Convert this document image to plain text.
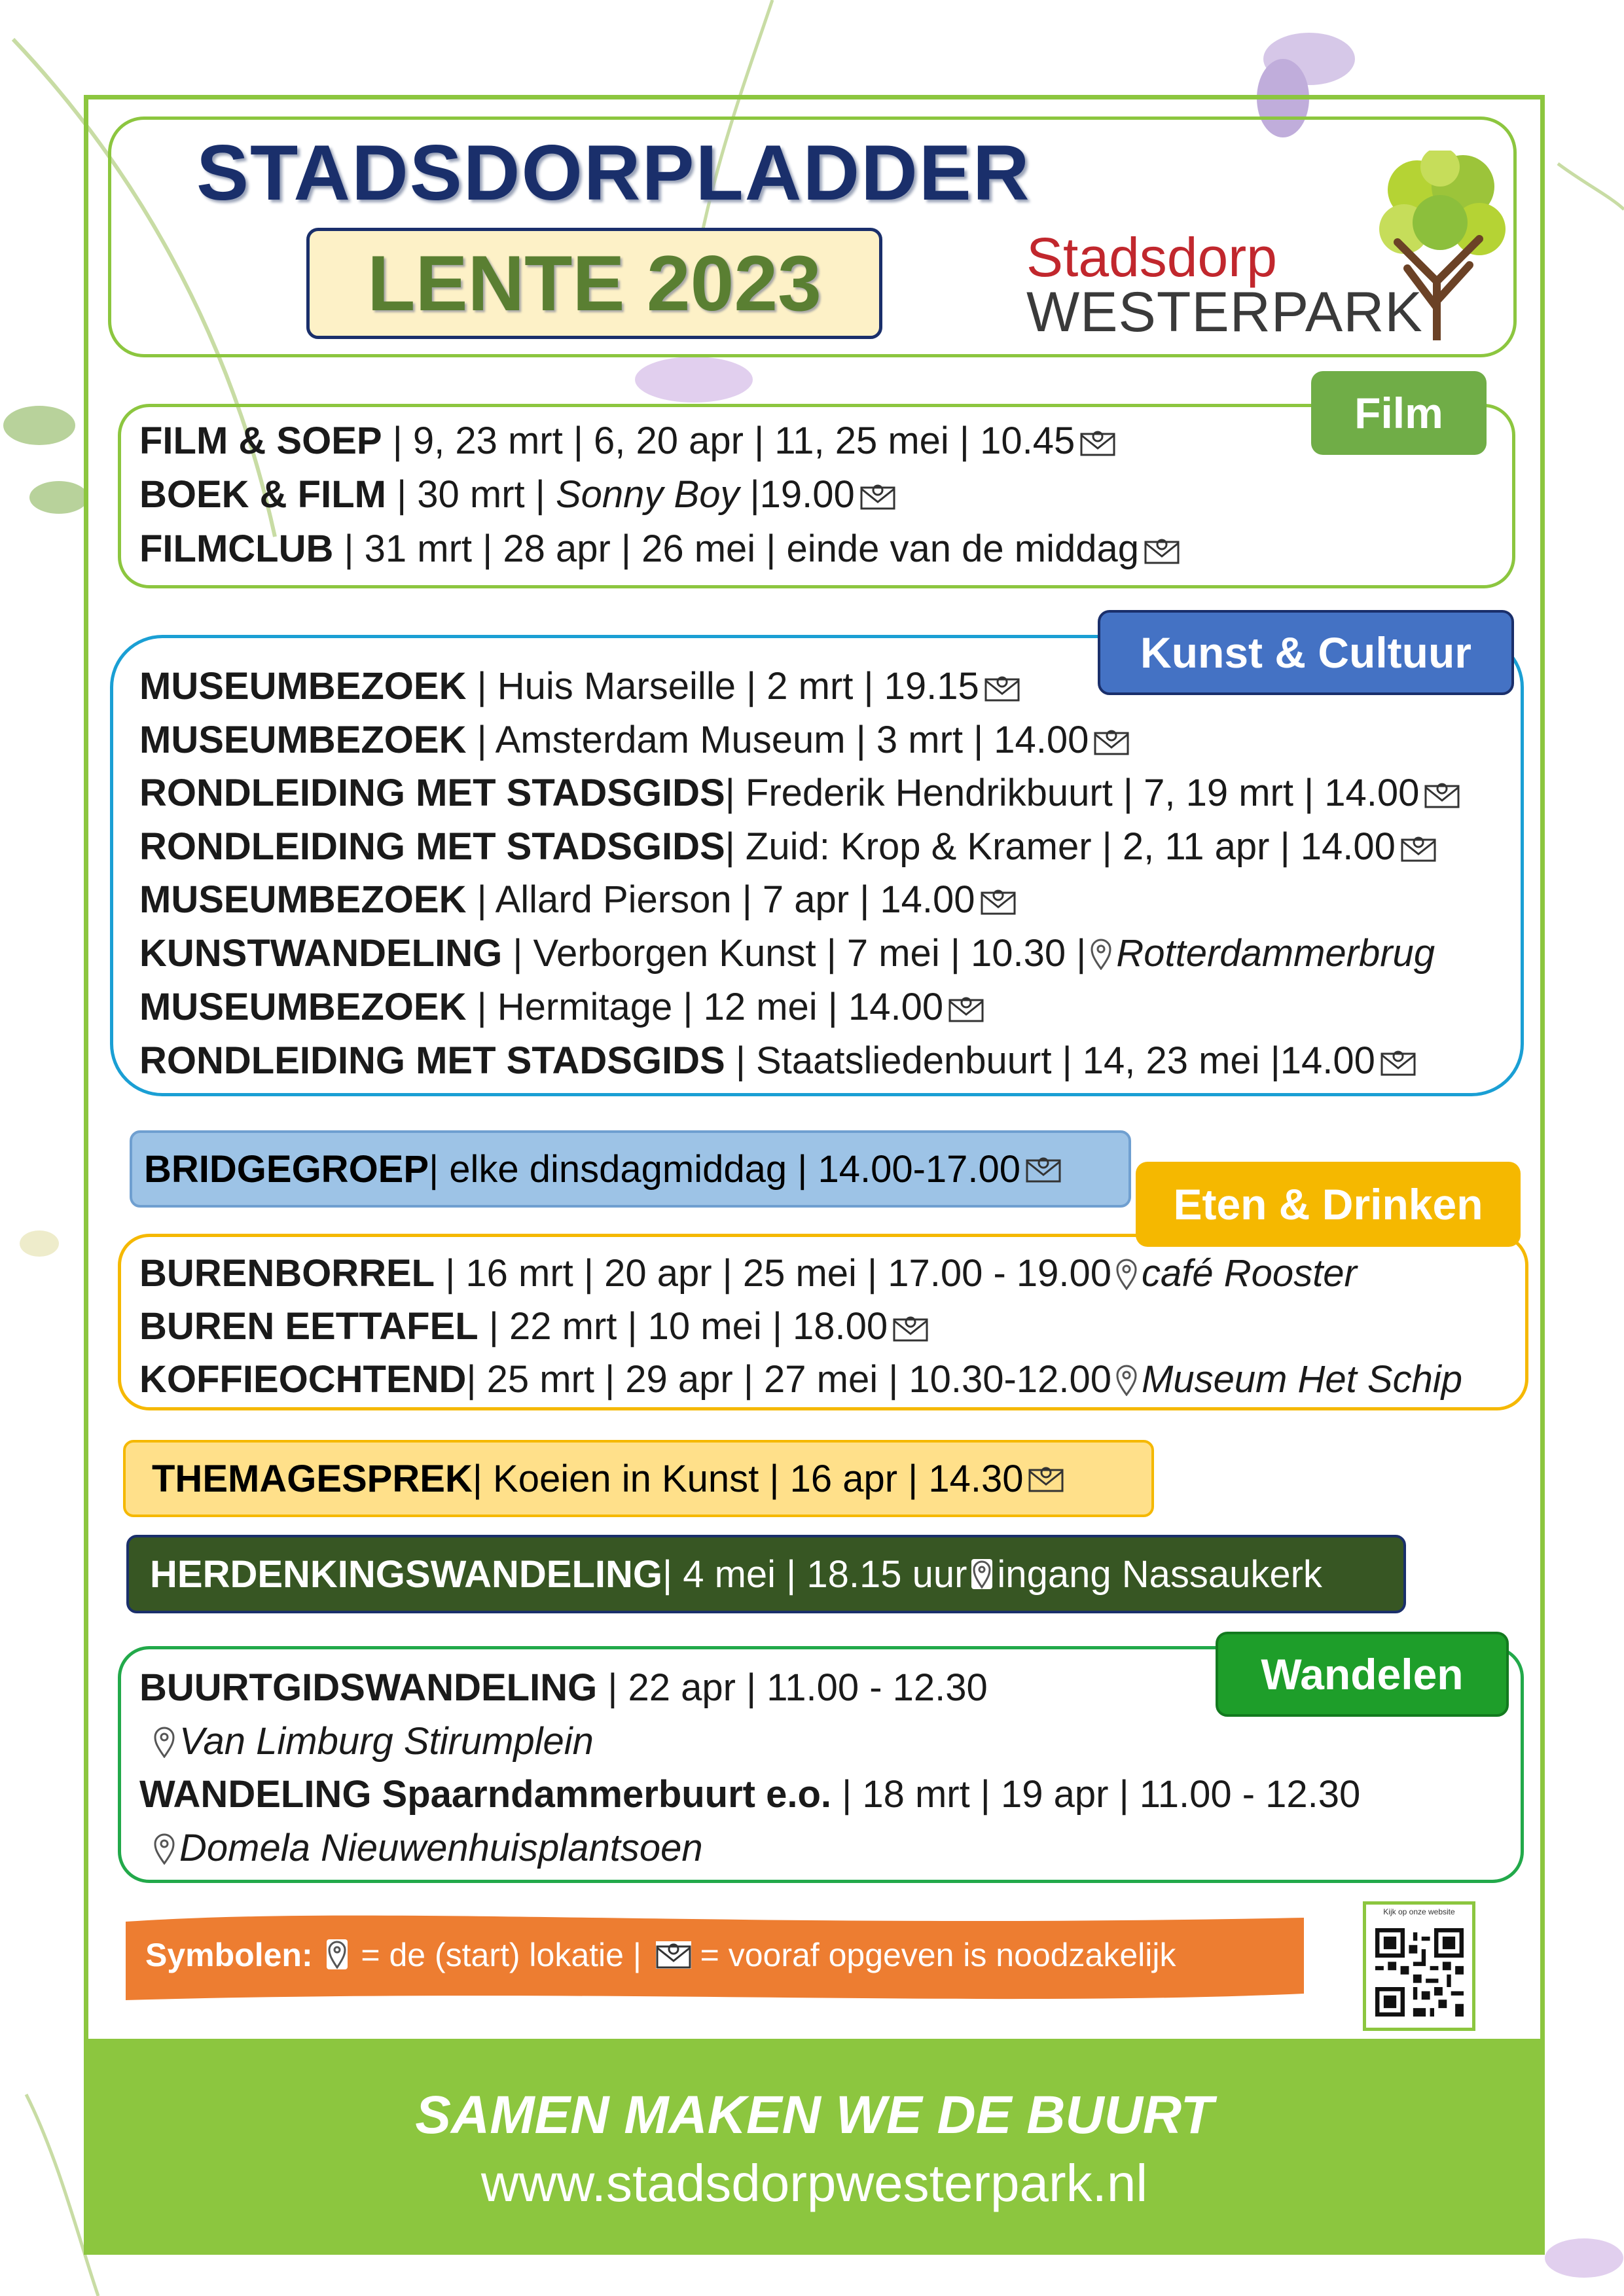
STADSDORPLADDER
LENTE 2023	Stadsdorp
WESTERPARK
Film
FILM & SOEP | 9, 23 mrt | 6, 20 apr | 11, 25 mei | 10.45
BOEK & FILM | 30 mrt | Sonny Boy |19.00
FILMCLUB | 31 mrt | 28 apr | 26 mei | einde van de middag
Kunst & Cultuur
MUSEUMBEZOEK | Huis Marseille | 2 mrt | 19.15
MUSEUMBEZOEK | Amsterdam Museum | 3 mrt | 14.00
RONDLEIDING MET STADSGIDS| Frederik Hendrikbuurt | 7, 19 mrt | 14.00
RONDLEIDING MET STADSGIDS| Zuid: Krop & Kramer | 2, 11 apr | 14.00
MUSEUMBEZOEK | Allard Pierson | 7 apr | 14.00
KUNSTWANDELING | Verborgen Kunst | 7 mei | 10.30 | Rotterdammerbrug
MUSEUMBEZOEK | Hermitage | 12 mei | 14.00
RONDLEIDING MET STADSGIDS | Staatsliedenbuurt | 14, 23 mei |14.00
BRIDGEGROEP | elke dinsdagmiddag | 14.00-17.00
Eten & Drinken
BURENBORREL | 16 mrt | 20 apr | 25 mei | 17.00 - 19.00 café Rooster
BUREN EETTAFEL | 22 mrt | 10 mei | 18.00
KOFFIEOCHTEND| 25 mrt | 29 apr | 27 mei | 10.30-12.00 Museum Het Schip
THEMAGESPREK | Koeien in Kunst | 16 apr | 14.30
HERDENKINGSWANDELING | 4 mei | 18.15 uur ingang Nassaukerk
Wandelen
BUURTGIDSWANDELING | 22 apr | 11.00 - 12.30
Van Limburg Stirumplein
WANDELING Spaarndammerbuurt e.o. | 18 mrt | 19 apr | 11.00 - 12.30
Domela Nieuwenhuisplantsoen
Symbolen:  = de (start) lokatie |  = vooraf opgeven is noodzakelijk
Kijk op onze website
SAMEN MAKEN WE DE BUURT
www.stadsdorpwesterpark.nl
